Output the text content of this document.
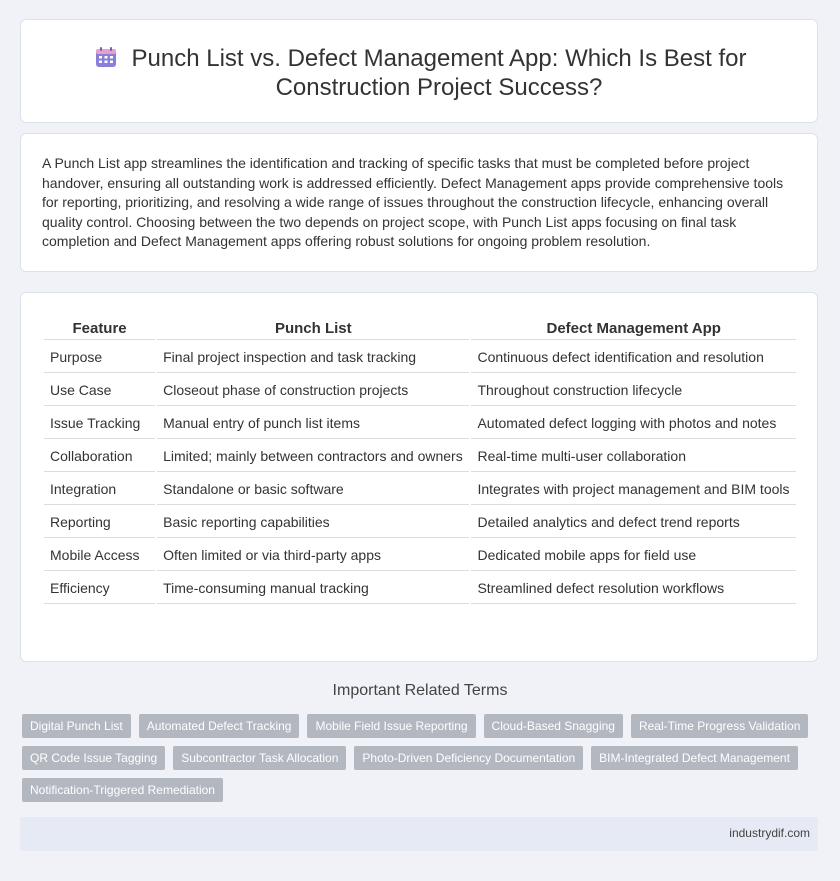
Punch List vs. Defect Management App: Which Is Best for Construction Project Success?

A Punch List app streamlines the identification and tracking of specific tasks that must be completed before project handover, ensuring all outstanding work is addressed efficiently. Defect Management apps provide comprehensive tools for reporting, prioritizing, and resolving a wide range of issues throughout the construction lifecycle, enhancing overall quality control. Choosing between the two depends on project scope, with Punch List apps focusing on final task completion and Defect Management apps offering robust solutions for ongoing problem resolution.

Feature	Punch List	Defect Management App
Purpose	Final project inspection and task tracking	Continuous defect identification and resolution
Use Case	Closeout phase of construction projects	Throughout construction lifecycle
Issue Tracking	Manual entry of punch list items	Automated defect logging with photos and notes
Collaboration	Limited; mainly between contractors and owners	Real-time multi-user collaboration
Integration	Standalone or basic software	Integrates with project management and BIM tools
Reporting	Basic reporting capabilities	Detailed analytics and defect trend reports
Mobile Access	Often limited or via third-party apps	Dedicated mobile apps for field use
Efficiency	Time-consuming manual tracking	Streamlined defect resolution workflows
Important Related Terms
Digital Punch List	Automated Defect Tracking	Mobile Field Issue Reporting	Cloud-Based Snagging	Real-Time Progress Validation
QR Code Issue Tagging	Subcontractor Task Allocation	Photo-Driven Deficiency Documentation	BIM-Integrated Defect Management
Notification-Triggered Remediation
industrydif.com
